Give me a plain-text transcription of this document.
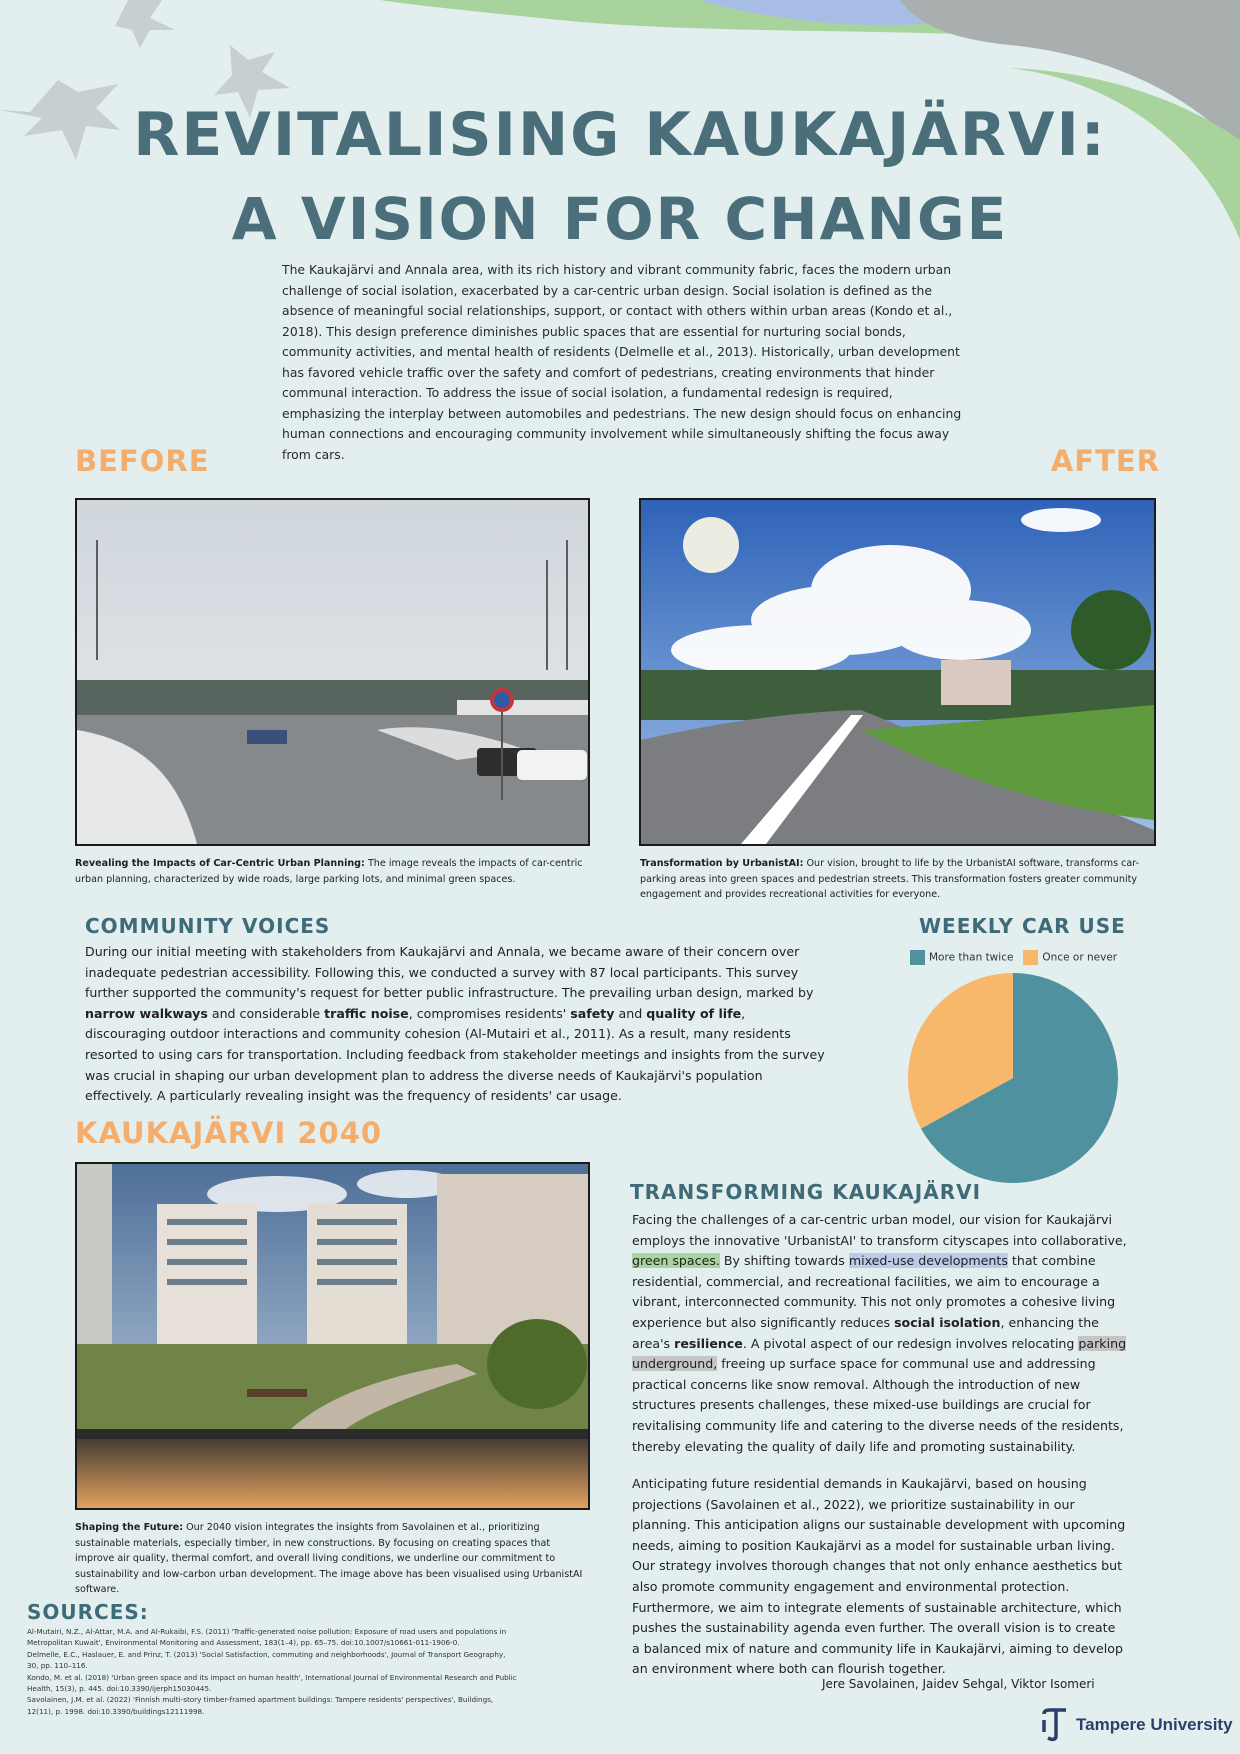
REVITALISING KAUKAJÄRVI:
A VISION FOR CHANGE
The Kaukajärvi and Annala area, with its rich history and vibrant community fabric, faces the modern urban challenge of social isolation, exacerbated by a car-centric urban design. Social isolation is defined as the absence of meaningful social relationships, support, or contact with others within urban areas (Kondo et al., 2018). This design preference diminishes public spaces that are essential for nurturing social bonds, community activities, and mental health of residents (Delmelle et al., 2013). Historically, urban development has favored vehicle traffic over the safety and comfort of pedestrians, creating environments that hinder communal interaction. To address the issue of social isolation, a fundamental redesign is required, emphasizing the interplay between automobiles and pedestrians. The new design should focus on enhancing human connections and encouraging community involvement while simultaneously shifting the focus away from cars.
BEFORE	AFTER
Revealing the Impacts of Car-Centric Urban Planning: The image reveals the impacts of car-centric urban planning, characterized by wide roads, large parking lots, and minimal green spaces.
Transformation by UrbanistAI: Our vision, brought to life by the UrbanistAI software, transforms car-parking areas into green spaces and pedestrian streets. This transformation fosters greater community engagement and provides recreational activities for everyone.
COMMUNITY VOICES
During our initial meeting with stakeholders from Kaukajärvi and Annala, we became aware of their concern over inadequate pedestrian accessibility. Following this, we conducted a survey with 87 local participants. This survey further supported the community's request for better public infrastructure. The prevailing urban design, marked by narrow walkways and considerable traffic noise, compromises residents' safety and quality of life, discouraging outdoor interactions and community cohesion (Al-Mutairi et al., 2011). As a result, many residents resorted to using cars for transportation. Including feedback from stakeholder meetings and insights from the survey was crucial in shaping our urban development plan to address the diverse needs of Kaukajärvi's population effectively. A particularly revealing insight was the frequency of residents' car usage.
WEEKLY CAR USE
More than twice	Once or never
KAUKAJÄRVI 2040
Shaping the Future: Our 2040 vision integrates the insights from Savolainen et al., prioritizing sustainable materials, especially timber, in new constructions. By focusing on creating spaces that improve air quality, thermal comfort, and overall living conditions, we underline our commitment to sustainability and low-carbon urban development. The image above has been visualised using UrbanistAI software.
TRANSFORMING KAUKAJÄRVI
Facing the challenges of a car-centric urban model, our vision for Kaukajärvi employs the innovative 'UrbanistAI' to transform cityscapes into collaborative, green spaces. By shifting towards mixed-use developments that combine residential, commercial, and recreational facilities, we aim to encourage a vibrant, interconnected community. This not only promotes a cohesive living experience but also significantly reduces social isolation, enhancing the area's resilience. A pivotal aspect of our redesign involves relocating parking underground, freeing up surface space for communal use and addressing practical concerns like snow removal. Although the introduction of new structures presents challenges, these mixed-use buildings are crucial for revitalising community life and catering to the diverse needs of the residents, thereby elevating the quality of daily life and promoting sustainability.
Anticipating future residential demands in Kaukajärvi, based on housing projections (Savolainen et al., 2022), we prioritize sustainability in our planning. This anticipation aligns our sustainable development with upcoming needs, aiming to position Kaukajärvi as a model for sustainable urban living. Our strategy involves thorough changes that not only enhance aesthetics but also promote community engagement and environmental protection. Furthermore, we aim to integrate elements of sustainable architecture, which pushes the sustainability agenda even further. The overall vision is to create a balanced mix of nature and community life in Kaukajärvi, aiming to develop an environment where both can flourish together.
SOURCES:
Al-Mutairi, N.Z., Al-Attar, M.A. and Al-Rukaibi, F.S. (2011) 'Traffic-generated noise pollution: Exposure of road users and populations in Metropolitan Kuwait', Environmental Monitoring and Assessment, 183(1–4), pp. 65–75. doi:10.1007/s10661-011-1906-0.
Delmelle, E.C., Haslauer, E. and Prinz, T. (2013) 'Social Satisfaction, commuting and neighborhoods', Journal of Transport Geography, 30, pp. 110–116.
Kondo, M. et al. (2018) 'Urban green space and its impact on human health', International Journal of Environmental Research and Public Health, 15(3), p. 445. doi:10.3390/ijerph15030445.
Savolainen, J.M. et al. (2022) 'Finnish multi-story timber-framed apartment buildings: Tampere residents' perspectives', Buildings, 12(11), p. 1998. doi:10.3390/buildings12111998.
Jere Savolainen, Jaidev Sehgal, Viktor Isomeri
Tampere University
